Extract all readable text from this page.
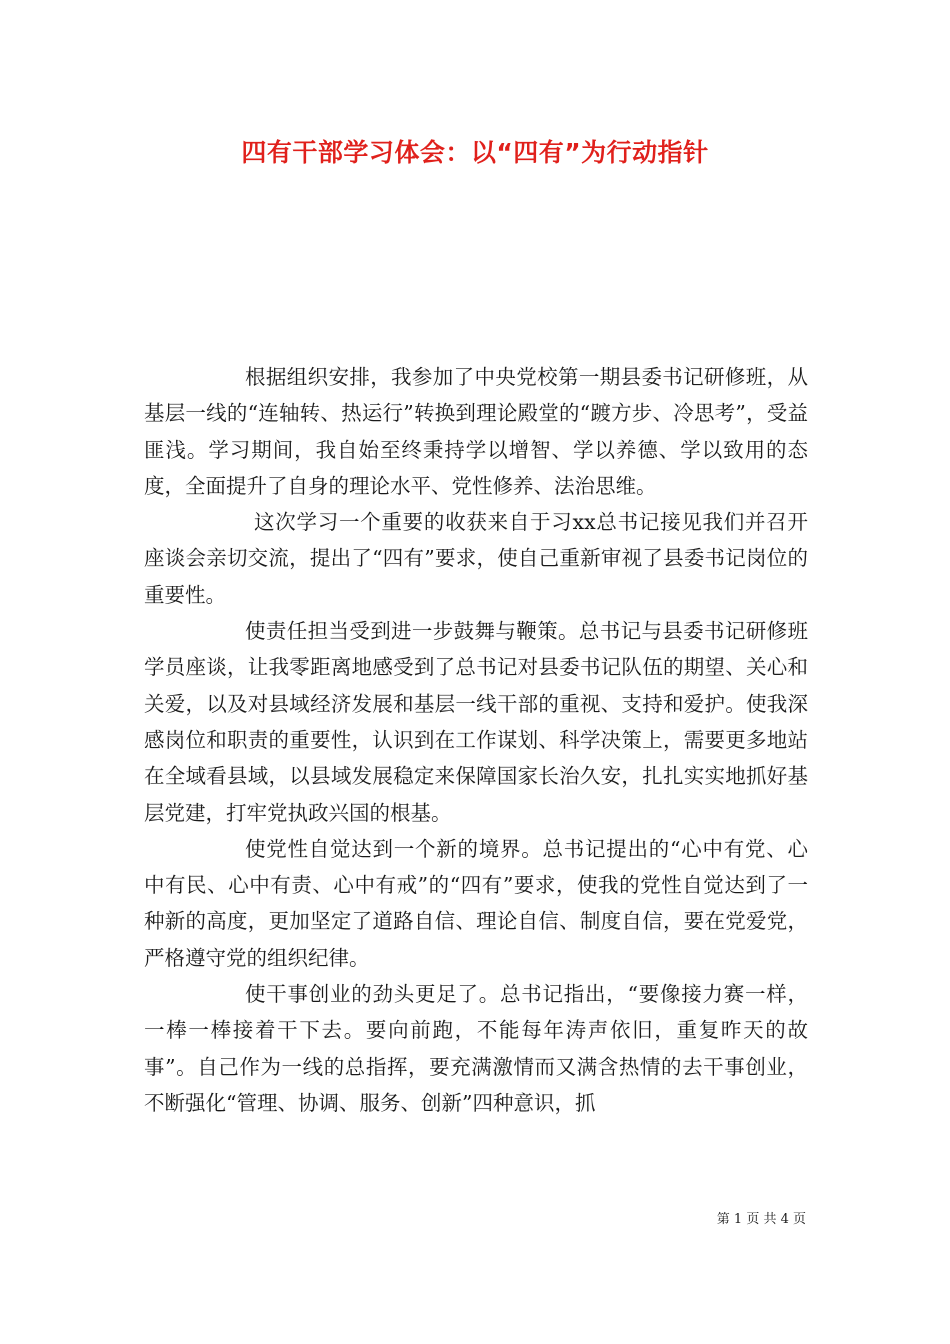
四有干部学习体会：以“四有”为行动指针

根据组织安排，我参加了中央党校第一期县委书记研修班，从基层一线的“连轴转、热运行”转换到理论殿堂的“踱方步、冷思考”，受益匪浅。学习期间，我自始至终秉持学以增智、学以养德、学以致用的态度，全面提升了自身的理论水平、党性修养、法治思维。

这次学习一个重要的收获来自于习xx总书记接见我们并召开座谈会亲切交流，提出了“四有”要求，使自己重新审视了县委书记岗位的重要性。

使责任担当受到进一步鼓舞与鞭策。总书记与县委书记研修班学员座谈，让我零距离地感受到了总书记对县委书记队伍的期望、关心和关爱，以及对县域经济发展和基层一线干部的重视、支持和爱护。使我深感岗位和职责的重要性，认识到在工作谋划、科学决策上，需要更多地站在全域看县域，以县域发展稳定来保障国家长治久安，扎扎实实地抓好基层党建，打牢党执政兴国的根基。

使党性自觉达到一个新的境界。总书记提出的“心中有党、心中有民、心中有责、心中有戒”的“四有”要求，使我的党性自觉达到了一种新的高度，更加坚定了道路自信、理论自信、制度自信，要在党爱党，严格遵守党的组织纪律。

使干事创业的劲头更足了。总书记指出，“要像接力赛一样，一棒一棒接着干下去。要向前跑，不能每年涛声依旧，重复昨天的故事”。自己作为一线的总指挥，要充满激情而又满含热情的去干事创业，不断强化“管理、协调、服务、创新”四种意识，抓

第 1 页 共 4 页
